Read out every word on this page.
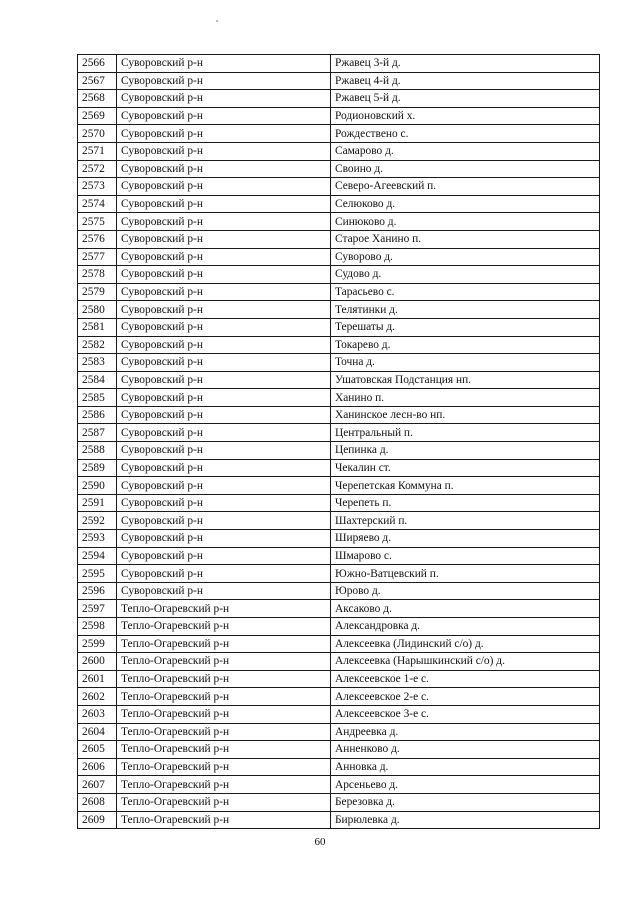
2566	Суворовский р-н	Ржавец 3-й д.
2567	Суворовский р-н	Ржавец 4-й д.
2568	Суворовский р-н	Ржавец 5-й д.
2569	Суворовский р-н	Родионовский х.
2570	Суворовский р-н	Рождествено с.
2571	Суворовский р-н	Самарово д.
2572	Суворовский р-н	Своино д.
2573	Суворовский р-н	Северо-Агеевский п.
2574	Суворовский р-н	Селюково д.
2575	Суворовский р-н	Синюково д.
2576	Суворовский р-н	Старое Ханино п.
2577	Суворовский р-н	Суворово д.
2578	Суворовский р-н	Судово д.
2579	Суворовский р-н	Тарасьево с.
2580	Суворовский р-н	Телятинки д.
2581	Суворовский р-н	Терешаты д.
2582	Суворовский р-н	Токарево д.
2583	Суворовский р-н	Точна д.
2584	Суворовский р-н	Ушатовская Подстанция нп.
2585	Суворовский р-н	Ханино п.
2586	Суворовский р-н	Ханинское лесн-во нп.
2587	Суворовский р-н	Центральный п.
2588	Суворовский р-н	Цепинка д.
2589	Суворовский р-н	Чекалин ст.
2590	Суворовский р-н	Черепетская Коммуна п.
2591	Суворовский р-н	Черепеть п.
2592	Суворовский р-н	Шахтерский п.
2593	Суворовский р-н	Ширяево д.
2594	Суворовский р-н	Шмарово с.
2595	Суворовский р-н	Южно-Ватцевский п.
2596	Суворовский р-н	Юрово д.
2597	Тепло-Огаревский р-н	Аксаково д.
2598	Тепло-Огаревский р-н	Александровка д.
2599	Тепло-Огаревский р-н	Алексеевка (Лидинский с/о) д.
2600	Тепло-Огаревский р-н	Алексеевка (Нарышкинский с/о) д.
2601	Тепло-Огаревский р-н	Алексеевское 1-е с.
2602	Тепло-Огаревский р-н	Алексеевское 2-е с.
2603	Тепло-Огаревский р-н	Алексеевское 3-е с.
2604	Тепло-Огаревский р-н	Андреевка д.
2605	Тепло-Огаревский р-н	Анненково д.
2606	Тепло-Огаревский р-н	Анновка д.
2607	Тепло-Огаревский р-н	Арсеньево д.
2608	Тепло-Огаревский р-н	Березовка д.
2609	Тепло-Огаревский р-н	Бирюлевка д.
60
